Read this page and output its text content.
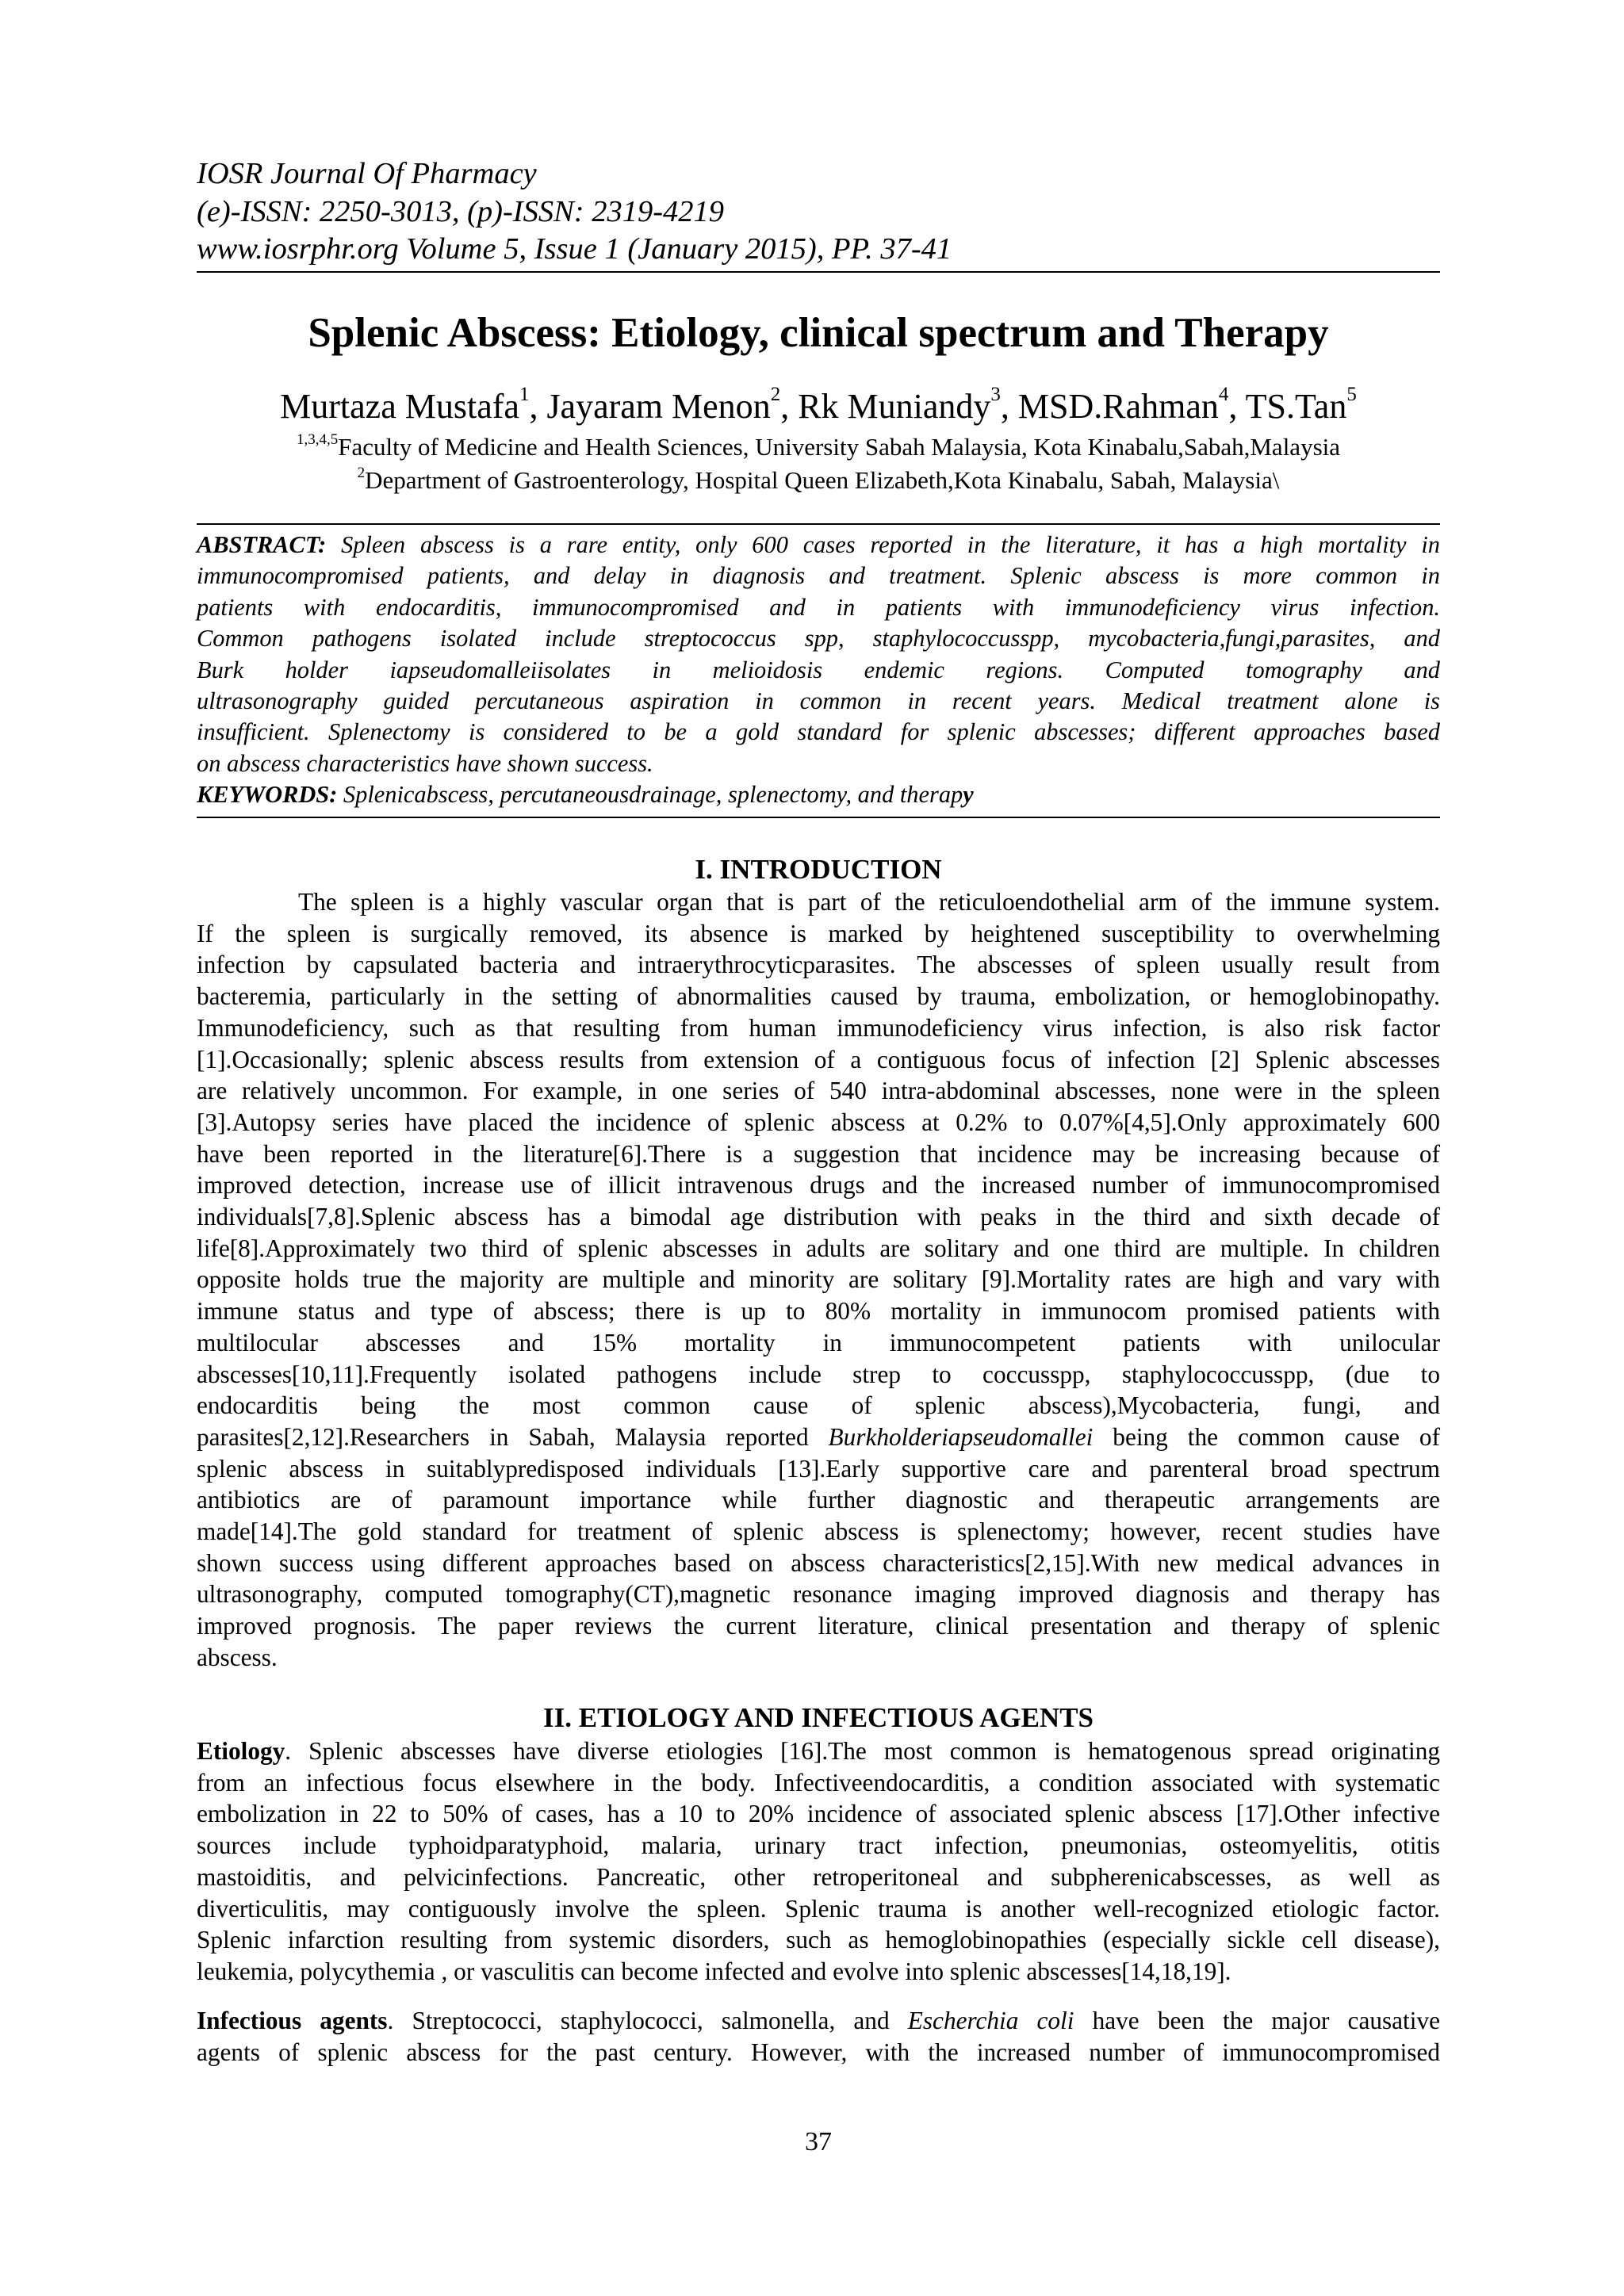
IOSR Journal Of Pharmacy
(e)-ISSN: 2250-3013, (p)-ISSN: 2319-4219
www.iosrphr.org Volume 5, Issue 1 (January 2015), PP. 37-41
Splenic Abscess: Etiology, clinical spectrum and Therapy
Murtaza Mustafa$^1$, Jayaram Menon$^2$, Rk Muniandy$^3$, MSD.Rahman$^4$, TS.Tan$^5$
$^{1,3,4,5}$Faculty of Medicine and Health Sciences, University Sabah Malaysia, Kota Kinabalu,Sabah,Malaysia
$^2$Department of Gastroenterology, Hospital Queen Elizabeth,Kota Kinabalu, Sabah, Malaysia\
ABSTRACT: Spleen abscess is a rare entity, only 600 cases reported in the literature, it has a high mortality in
immunocompromised patients, and delay in diagnosis and treatment. Splenic abscess is more common in
patients with endocarditis, immunocompromised and in patients with immunodeficiency virus infection.
Common pathogens isolated include streptococcus spp, staphylococcusspp, mycobacteria,fungi,parasites, and
Burk holder iapseudomalleiisolates in melioidosis endemic regions. Computed tomography and
ultrasonography guided percutaneous aspiration in common in recent years. Medical treatment alone is
insufficient. Splenectomy is considered to be a gold standard for splenic abscesses; different approaches based
on abscess characteristics have shown success.
KEYWORDS: Splenicabscess, percutaneousdrainage, splenectomy, and therapy
I. INTRODUCTION
The spleen is a highly vascular organ that is part of the reticuloendothelial arm of the immune system.
If the spleen is surgically removed, its absence is marked by heightened susceptibility to overwhelming
infection by capsulated bacteria and intraerythrocyticparasites. The abscesses of spleen usually result from
bacteremia, particularly in the setting of abnormalities caused by trauma, embolization, or hemoglobinopathy.
Immunodeficiency, such as that resulting from human immunodeficiency virus infection, is also risk factor
[1].Occasionally; splenic abscess results from extension of a contiguous focus of infection [2] Splenic abscesses
are relatively uncommon. For example, in one series of 540 intra-abdominal abscesses, none were in the spleen
[3].Autopsy series have placed the incidence of splenic abscess at 0.2% to 0.07%[4,5].Only approximately 600
have been reported in the literature[6].There is a suggestion that incidence may be increasing because of
improved detection, increase use of illicit intravenous drugs and the increased number of immunocompromised
individuals[7,8].Splenic abscess has a bimodal age distribution with peaks in the third and sixth decade of
life[8].Approximately two third of splenic abscesses in adults are solitary and one third are multiple. In children
opposite holds true the majority are multiple and minority are solitary [9].Mortality rates are high and vary with
immune status and type of abscess; there is up to 80% mortality in immunocom promised patients with
multilocular abscesses and 15% mortality in immunocompetent patients with unilocular
abscesses[10,11].Frequently isolated pathogens include strep to coccusspp, staphylococcusspp, (due to
endocarditis being the most common cause of splenic abscess),Mycobacteria, fungi, and
parasites[2,12].Researchers in Sabah, Malaysia reported Burkholderiapseudomallei being the common cause of
splenic abscess in suitablypredisposed individuals [13].Early supportive care and parenteral broad spectrum
antibiotics are of paramount importance while further diagnostic and therapeutic arrangements are
made[14].The gold standard for treatment of splenic abscess is splenectomy; however, recent studies have
shown success using different approaches based on abscess characteristics[2,15].With new medical advances in
ultrasonography, computed tomography(CT),magnetic resonance imaging improved diagnosis and therapy has
improved prognosis. The paper reviews the current literature, clinical presentation and therapy of splenic
abscess.
II. ETIOLOGY AND INFECTIOUS AGENTS
Etiology. Splenic abscesses have diverse etiologies [16].The most common is hematogenous spread originating
from an infectious focus elsewhere in the body. Infectiveendocarditis, a condition associated with systematic
embolization in 22 to 50% of cases, has a 10 to 20% incidence of associated splenic abscess [17].Other infective
sources include typhoidparatyphoid, malaria, urinary tract infection, pneumonias, osteomyelitis, otitis
mastoiditis, and pelvicinfections. Pancreatic, other retroperitoneal and subpherenicabscesses, as well as
diverticulitis, may contiguously involve the spleen. Splenic trauma is another well-recognized etiologic factor.
Splenic infarction resulting from systemic disorders, such as hemoglobinopathies (especially sickle cell disease),
leukemia, polycythemia , or vasculitis can become infected and evolve into splenic abscesses[14,18,19].
Infectious agents. Streptococci, staphylococci, salmonella, and Escherchia coli have been the major causative
agents of splenic abscess for the past century. However, with the increased number of immunocompromised
37
